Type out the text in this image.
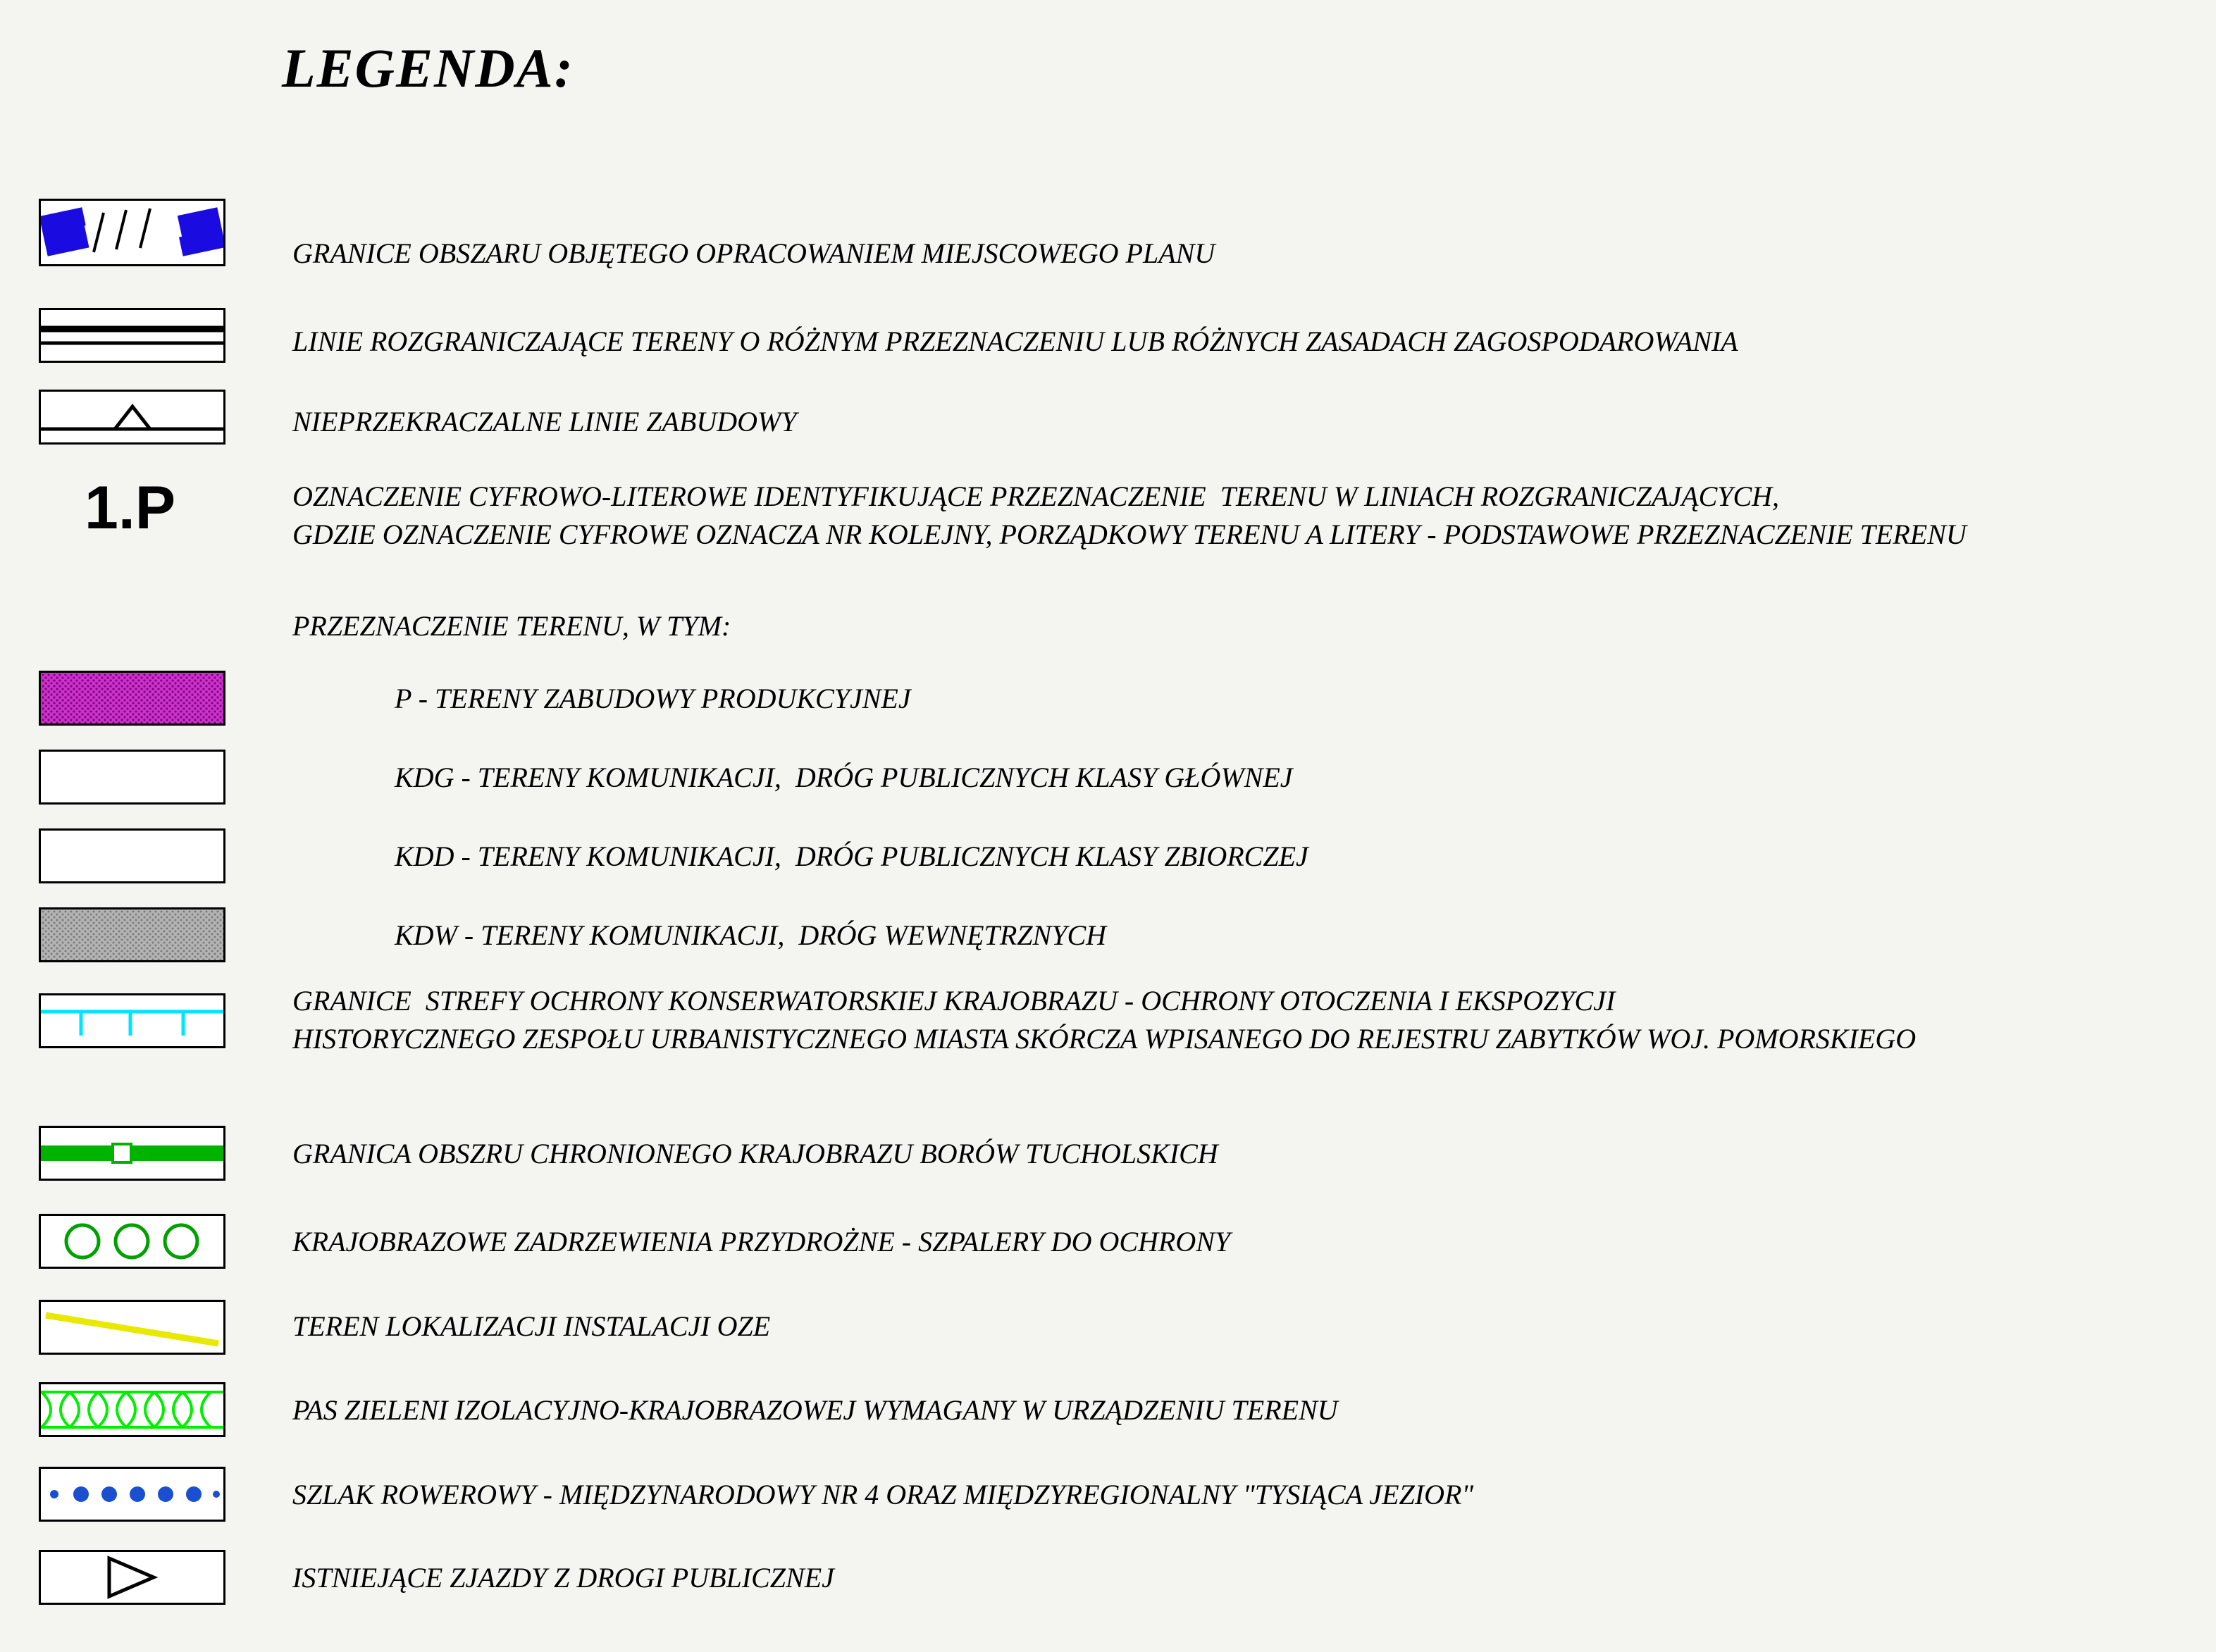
LEGENDA:
GRANICE OBSZARU OBJĘTEGO OPRACOWANIEM MIEJSCOWEGO PLANU
LINIE ROZGRANICZAJĄCE TERENY O RÓŻNYM PRZEZNACZENIU LUB RÓŻNYCH ZASADACH ZAGOSPODAROWANIA
NIEPRZEKRACZALNE LINIE ZABUDOWY
1.P	OZNACZENIE CYFROWO-LITEROWE IDENTYFIKUJĄCE PRZEZNACZENIE  TERENU W LINIACH ROZGRANICZAJĄCYCH,
GDZIE OZNACZENIE CYFROWE OZNACZA NR KOLEJNY, PORZĄDKOWY TERENU A LITERY - PODSTAWOWE PRZEZNACZENIE TERENU
PRZEZNACZENIE TERENU, W TYM:
P - TERENY ZABUDOWY PRODUKCYJNEJ
KDG - TERENY KOMUNIKACJI,  DRÓG PUBLICZNYCH KLASY GŁÓWNEJ
KDD - TERENY KOMUNIKACJI,  DRÓG PUBLICZNYCH KLASY ZBIORCZEJ
KDW - TERENY KOMUNIKACJI,  DRÓG WEWNĘTRZNYCH
GRANICE  STREFY OCHRONY KONSERWATORSKIEJ KRAJOBRAZU - OCHRONY OTOCZENIA I EKSPOZYCJI
HISTORYCZNEGO ZESPOŁU URBANISTYCZNEGO MIASTA SKÓRCZA WPISANEGO DO REJESTRU ZABYTKÓW WOJ. POMORSKIEGO
GRANICA OBSZRU CHRONIONEGO KRAJOBRAZU BORÓW TUCHOLSKICH
KRAJOBRAZOWE ZADRZEWIENIA PRZYDROŻNE - SZPALERY DO OCHRONY
TEREN LOKALIZACJI INSTALACJI OZE
PAS ZIELENI IZOLACYJNO-KRAJOBRAZOWEJ WYMAGANY W URZĄDZENIU TERENU
SZLAK ROWEROWY - MIĘDZYNARODOWY NR 4 ORAZ MIĘDZYREGIONALNY "TYSIĄCA JEZIOR"
ISTNIEJĄCE ZJAZDY Z DROGI PUBLICZNEJ
